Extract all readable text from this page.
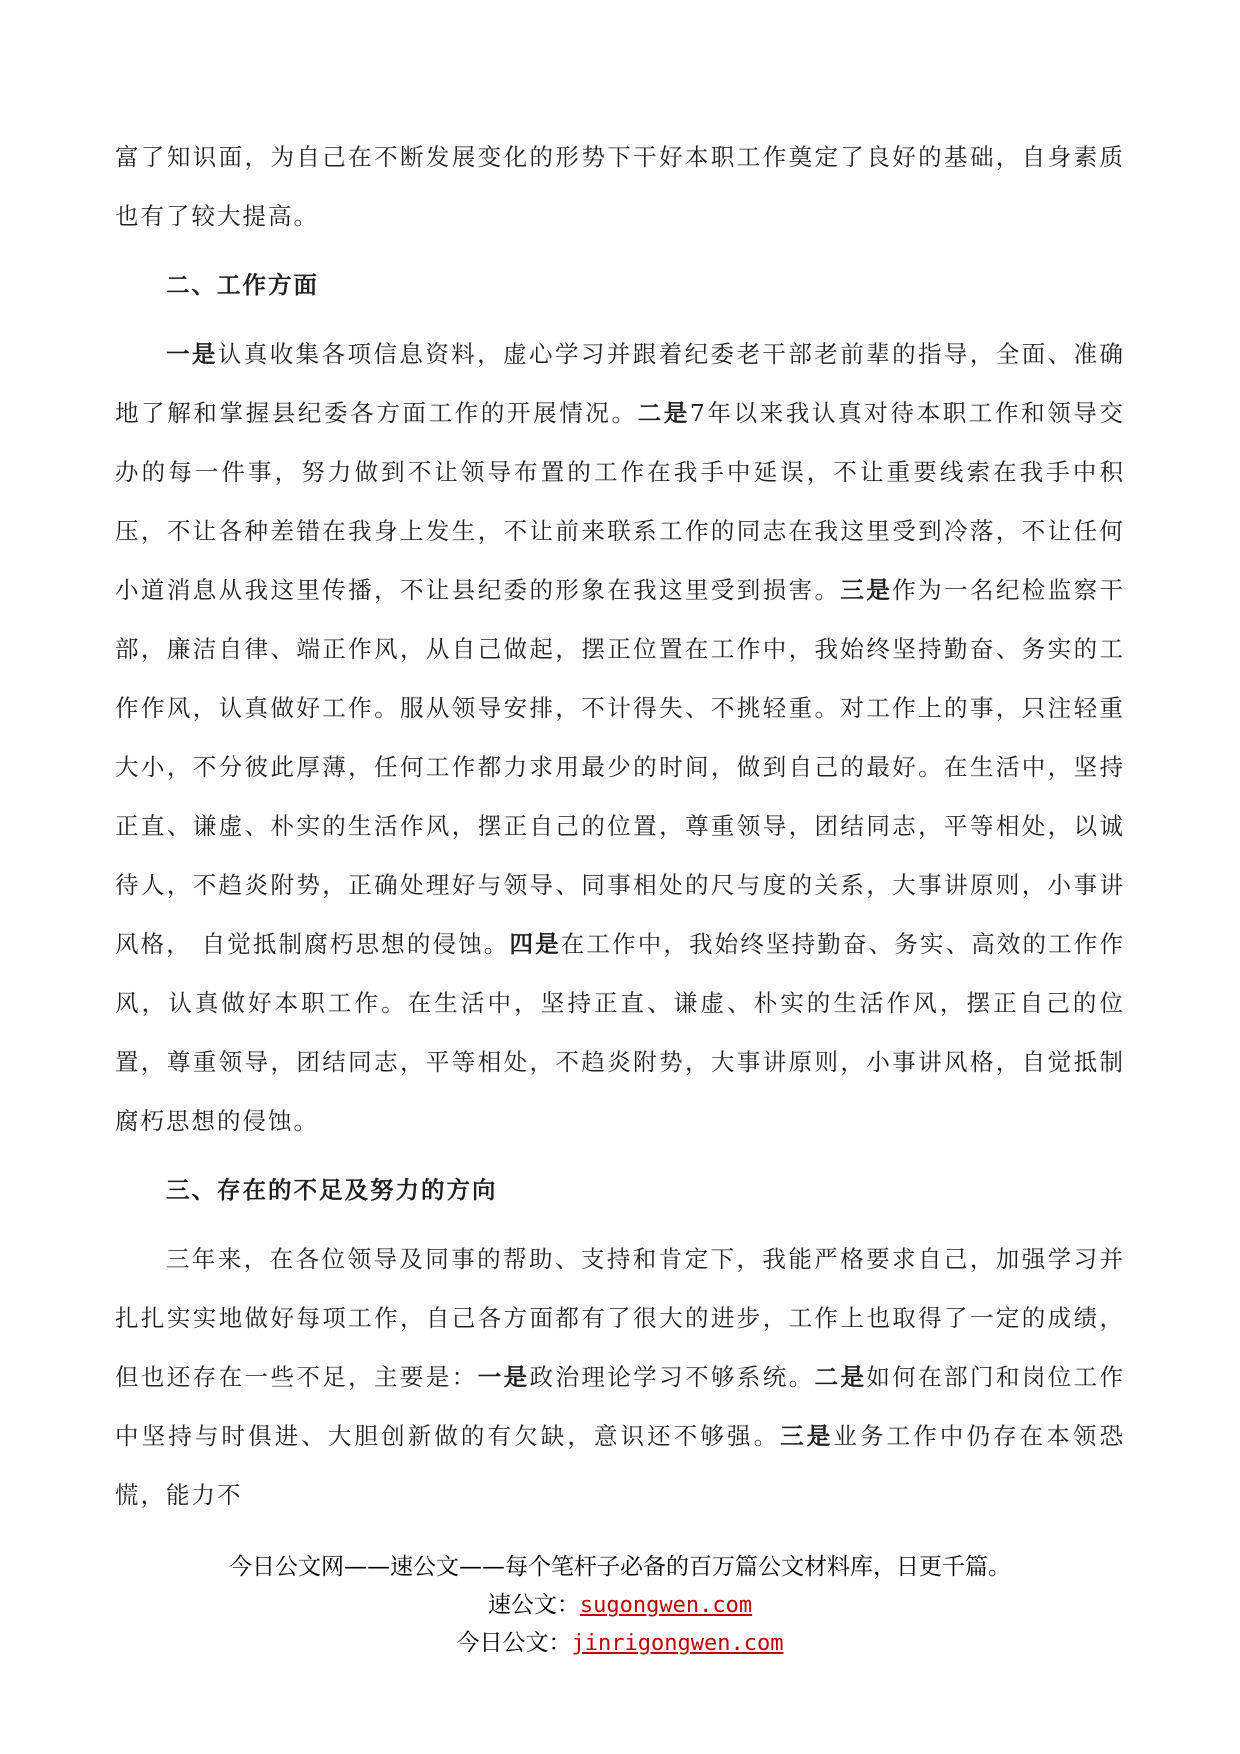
富了知识面，为自己在不断发展变化的形势下干好本职工作奠定了良好的基础，自身素质也有了较大提高。

二、工作方面

一是认真收集各项信息资料，虚心学习并跟着纪委老干部老前辈的指导，全面、准确地了解和掌握县纪委各方面工作的开展情况。二是7年以来我认真对待本职工作和领导交办的每一件事，努力做到不让领导布置的工作在我手中延误，不让重要线索在我手中积压，不让各种差错在我身上发生，不让前来联系工作的同志在我这里受到冷落，不让任何小道消息从我这里传播，不让县纪委的形象在我这里受到损害。三是作为一名纪检监察干部，廉洁自律、端正作风，从自己做起，摆正位置在工作中，我始终坚持勤奋、务实的工作作风，认真做好工作。服从领导安排，不计得失、不挑轻重。对工作上的事，只注轻重大小，不分彼此厚薄，任何工作都力求用最少的时间，做到自己的最好。在生活中，坚持正直、谦虚、朴实的生活作风，摆正自己的位置，尊重领导，团结同志，平等相处，以诚待人，不趋炎附势，正确处理好与领导、同事相处的尺与度的关系，大事讲原则，小事讲风格， 自觉抵制腐朽思想的侵蚀。四是在工作中，我始终坚持勤奋、务实、高效的工作作风，认真做好本职工作。在生活中，坚持正直、谦虚、朴实的生活作风，摆正自己的位置，尊重领导，团结同志，平等相处，不趋炎附势，大事讲原则，小事讲风格，自觉抵制腐朽思想的侵蚀。

三、存在的不足及努力的方向

三年来，在各位领导及同事的帮助、支持和肯定下，我能严格要求自己，加强学习并扎扎实实地做好每项工作，自己各方面都有了很大的进步，工作上也取得了一定的成绩，但也还存在一些不足，主要是：一是政治理论学习不够系统。二是如何在部门和岗位工作中坚持与时俱进、大胆创新做的有欠缺，意识还不够强。三是业务工作中仍存在本领恐慌，能力不

今日公文网——速公文——每个笔杆子必备的百万篇公文材料库，日更千篇。
速公文：sugongwen.com
今日公文：jinrigongwen.com
